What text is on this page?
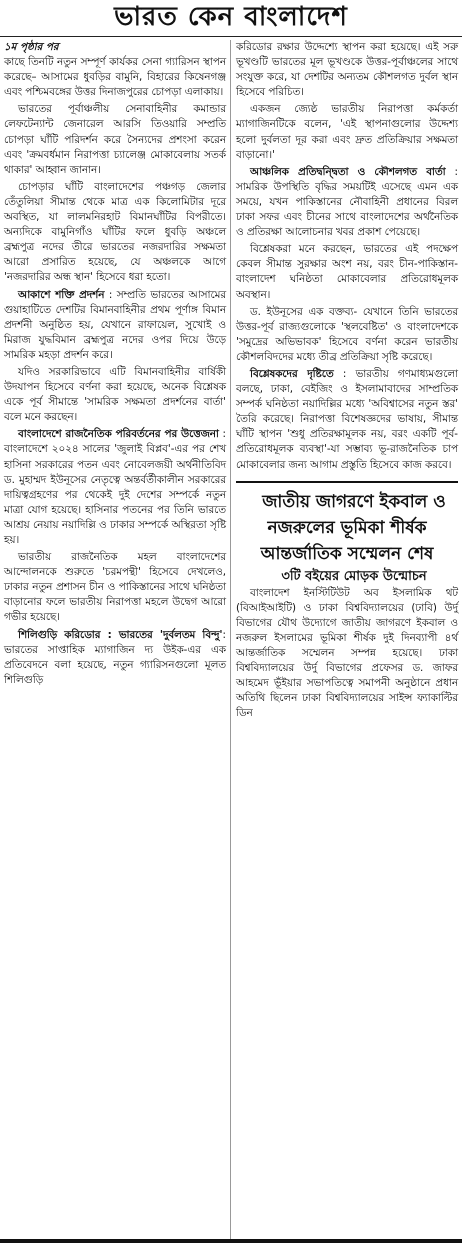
ভারত কেন বাংলাদেশ

১ম পৃষ্ঠার পর
কাছে তিনটি নতুন সম্পূর্ণ কার্যকর সেনা গ্যারিসন স্থাপন করেছে– আসামের ধুবড়ির বামুনি, বিহারের কিষেনগঞ্জ এবং পশ্চিমবঙ্গের উত্তর দিনাজপুরের চোপড়া এলাকায়।

ভারতের পূর্বাঞ্চলীয় সেনাবাহিনীর কমান্ডার লেফটেন্যান্ট জেনারেল আরসি তিওয়ারি সম্প্রতি চোপড়া ঘাঁটি পরিদর্শন করে সৈন্যদের প্রশংসা করেন এবং 'ক্রমবর্ধমান নিরাপত্তা চ্যালেঞ্জ মোকাবেলায় সতর্ক থাকার' আহ্বান জানান।

চোপড়ার ঘাঁটি বাংলাদেশের পঞ্চগড় জেলার তেঁতুলিয়া সীমান্ত থেকে মাত্র এক কিলোমিটার দূরে অবস্থিত, যা লালমনিরহাট বিমানঘাঁটির বিপরীতে। অন্যদিকে বামুনিগাঁও ঘাঁটির ফলে ধুবড়ি অঞ্চলে ব্রহ্মপুত্র নদের তীরে ভারতের নজরদারির সক্ষমতা আরো প্রসারিত হয়েছে, যে অঞ্চলকে আগে 'নজরদারির অন্ধ স্থান' হিসেবে ধরা হতো।

আকাশে শক্তি প্রদর্শন : সম্প্রতি ভারতের আসামের গুয়াহাটিতে দেশটির বিমানবাহিনীর প্রথম পূর্ণাঙ্গ বিমান প্রদর্শনী অনুষ্ঠিত হয়, যেখানে রাফায়েল, সুখোই ও মিরাজ যুদ্ধবিমান ব্রহ্মপুত্র নদের ওপর দিয়ে উড়ে সামরিক মহড়া প্রদর্শন করে।

যদিও সরকারিভাবে এটি বিমানবাহিনীর বার্ষিকী উদযাপন হিসেবে বর্ণনা করা হয়েছে, অনেক বিশ্লেষক একে পূর্ব সীমান্তে 'সামরিক সক্ষমতা প্রদর্শনের বার্তা' বলে মনে করছেন।

বাংলাদেশে রাজনৈতিক পরিবর্তনের পর উত্তেজনা : বাংলাদেশে ২০২৪ সালের 'জুলাই বিপ্লব'-এর পর শেখ হাসিনা সরকারের পতন এবং নোবেলজয়ী অর্থনীতিবিদ ড. মুহাম্মদ ইউনূসের নেতৃত্বে অন্তর্বর্তীকালীন সরকারের দায়িত্বগ্রহণের পর থেকেই দুই দেশের সম্পর্কে নতুন মাত্রা যোগ হয়েছে। হাসিনার পতনের পর তিনি ভারতে আশ্রয় নেয়ায় নয়াদিল্লি ও ঢাকার সম্পর্কে অস্থিরতা সৃষ্টি হয়।

ভারতীয় রাজনৈতিক মহল বাংলাদেশের আন্দোলনকে শুরুতে 'চরমপন্থী' হিসেবে দেখলেও, ঢাকার নতুন প্রশাসন চীন ও পাকিস্তানের সাথে ঘনিষ্ঠতা বাড়ানোর ফলে ভারতীয় নিরাপত্তা মহলে উদ্বেগ আরো গভীর হয়েছে।

শিলিগুড়ি করিডোর : ভারতের 'দুর্বলতম বিন্দু': ভারতের সাপ্তাহিক ম্যাগাজিন দ্য উইক-এর এক প্রতিবেদনে বলা হয়েছে, নতুন গ্যারিসনগুলো মূলত শিলিগুড়ি

করিডোর রক্ষার উদ্দেশ্যে স্থাপন করা হয়েছে। এই সরু ভূখণ্ডটি ভারতের মূল ভূখণ্ডকে উত্তর-পূর্বাঞ্চলের সাথে সংযুক্ত করে, যা দেশটির অন্যতম কৌশলগত দুর্বল স্থান হিসেবে পরিচিত।

একজন জ্যেষ্ঠ ভারতীয় নিরাপত্তা কর্মকর্তা ম্যাগাজিনটিকে বলেন, 'এই স্থাপনাগুলোর উদ্দেশ্য হলো দুর্বলতা দূর করা এবং দ্রুত প্রতিক্রিয়ার সক্ষমতা বাড়ানো।'

আঞ্চলিক প্রতিদ্বন্দ্বিতা ও কৌশলগত বার্তা : সামরিক উপস্থিতি বৃদ্ধির সময়টিই এসেছে এমন এক সময়ে, যখন পাকিস্তানের নৌবাহিনী প্রধানের বিরল ঢাকা সফর এবং চীনের সাথে বাংলাদেশের অর্থনৈতিক ও প্রতিরক্ষা আলোচনার খবর প্রকাশ পেয়েছে।

বিশ্লেষকরা মনে করছেন, ভারতের এই পদক্ষেপ কেবল সীমান্ত সুরক্ষার অংশ নয়, বরং চীন-পাকিস্তান-বাংলাদেশ ঘনিষ্ঠতা মোকাবেলার প্রতিরোধমূলক অবস্থান।

ড. ইউনূসের এক বক্তব্য- যেখানে তিনি ভারতের উত্তর-পূর্ব রাজ্যগুলোকে 'স্থলবেষ্টিত' ও বাংলাদেশকে 'সমুদ্রের অভিভাবক' হিসেবে বর্ণনা করেন ভারতীয় কৌশলবিদদের মধ্যে তীব্র প্রতিক্রিয়া সৃষ্টি করেছে।

বিশ্লেষকদের দৃষ্টিতে : ভারতীয় গণমাধ্যমগুলো বলছে, ঢাকা, বেইজিং ও ইসলামাবাদের সাম্প্রতিক সম্পর্ক ঘনিষ্ঠতা নয়াদিল্লির মধ্যে 'অবিশ্বাসের নতুন স্তর' তৈরি করেছে। নিরাপত্তা বিশেষজ্ঞদের ভাষায়, সীমান্ত ঘাঁটি স্থাপন 'শুধু প্রতিরক্ষামূলক নয়, বরং একটি পূর্ব-প্রতিরোধমূলক ব্যবস্থা'-যা সম্ভাব্য ভূ-রাজনৈতিক চাপ মোকাবেলার জন্য আগাম প্রস্তুতি হিসেবে কাজ করবে।

জাতীয় জাগরণে ইকবাল ও নজরুলের ভূমিকা শীর্ষক আন্তর্জাতিক সম্মেলন শেষ

৩টি বইয়ের মোড়ক উন্মোচন

বাংলাদেশ ইনস্টিটিউট অব ইসলামিক থট (বিআইআইটি) ও ঢাকা বিশ্ববিদ্যালয়ের (ঢাবি) উর্দু বিভাগের যৌথ উদ্যোগে জাতীয় জাগরণে ইকবাল ও নজরুল ইসলামের ভূমিকা শীর্ষক দুই দিনব্যাপী ৪র্থ আন্তর্জাতিক সম্মেলন সম্পন্ন হয়েছে। ঢাকা বিশ্ববিদ্যালয়ের উর্দু বিভাগের প্রফেসর ড. জাফর আহমেদ ভূঁইয়ার সভাপতিত্বে সমাপনী অনুষ্ঠানে প্রধান অতিথি ছিলেন ঢাকা বিশ্ববিদ্যালয়ের সাইন্স ফ্যাকাল্টির ডিন
